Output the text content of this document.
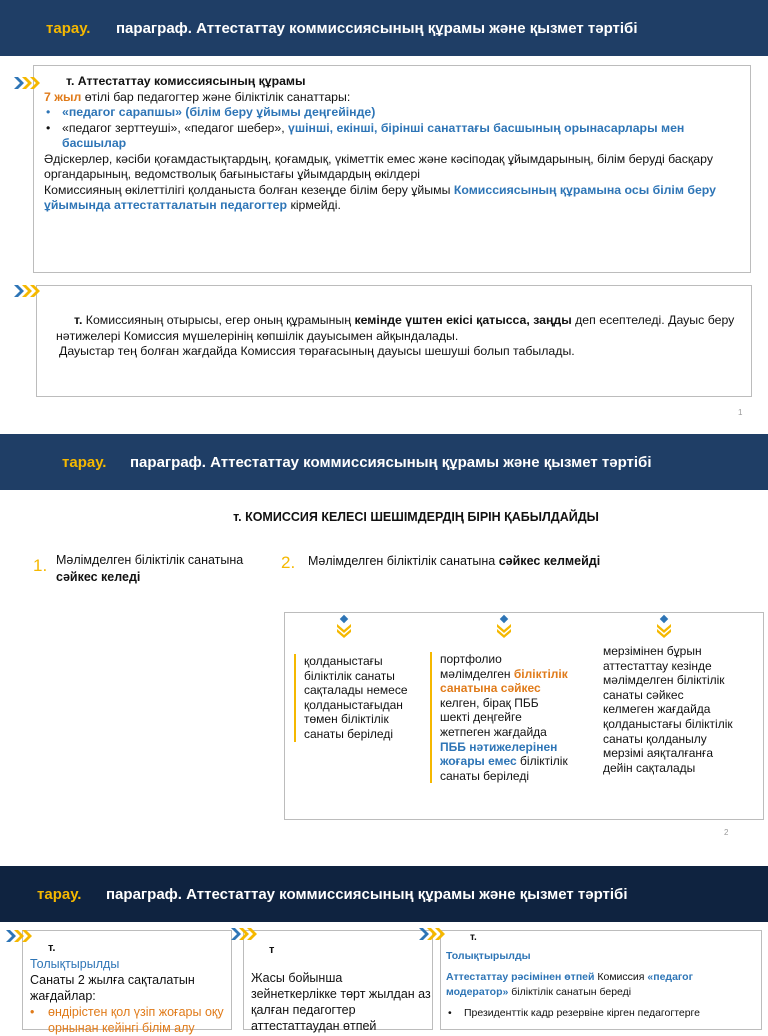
тарау. параграф. Аттестаттау коммиссиясының құрамы және қызмет тәртібі
т. Аттестаттау комиссиясының құрамы
7 жыл өтілі бар педагогтер және біліктілік санаттары:
• «педагог сарапшы» (білім беру ұйымы деңгейінде)
• «педагог зерттеуші», «педагог шебер», үшінші, екінші, бірінші санаттағы басшының орынасарлары мен басшылар
Әдіскерлер, кәсіби қоғамдастықтардың, қоғамдық, үкіметтік емес және кәсіподақ ұйымдарының, білім беруді басқару органдарының, ведомстволық бағыныстағы ұйымдардың өкілдері
Комиссияның өкілеттілігі қолданыста болған кезеңде білім беру ұйымы Комиссиясының құрамына осы білім беру ұйымында аттестатталатын педагогтер кірмейді.
т. Комиссияның отырысы, егер оның құрамының кемінде үштен екісі қатысса, заңды деп есептеледі. Дауыс беру нәтижелері Комиссия мүшелерінің көпшілік дауысымен айқындалады.
Дауыстар тең болған жағдайда Комиссия төрағасының дауысы шешуші болып табылады.
1
тарау. параграф. Аттестаттау коммиссиясының құрамы және қызмет тәртібі
т. КОМИССИЯ КЕЛЕСІ ШЕШІМДЕРДІҢ БІРІН ҚАБЫЛДАЙДЫ
1. Мәлімделген біліктілік санатына сәйкес келеді
2. Мәлімделген біліктілік санатына сәйкес келмейді
қолданыстағы біліктілік санаты сақталады немесе қолданыстағыдан төмен біліктілік санаты беріледі
портфолио мәлімделген біліктілік санатына сәйкес келген, бірақ ПББ шекті деңгейге жетпеген жағдайда ПББ нәтижелерінен жоғары емес біліктілік санаты беріледі
мерзімінен бұрын аттестаттау кезінде мәлімделген біліктілік санаты сәйкес келмеген жағдайда қолданыстағы біліктілік санаты қолданылу мерзімі аяқталғанға дейін сақталады
2
тарау. параграф. Аттестаттау коммиссиясының құрамы және қызмет тәртібі
т.
Толықтырылды
Санаты 2 жылға сақталатын жағдайлар:
• өндірістен қол үзіп жоғары оқу орнынан кейінгі білім алу
т
Жасы бойынша зейнеткерлікке төрт жылдан аз қалған педагогтер аттестаттаудан өтпей
т.
Толықтырылды
Аттестаттау рәсімінен өтпей Комиссия «педагог модератор» біліктілік санатын береді
• Президенттік кадр резервіне кірген педагогтерге
